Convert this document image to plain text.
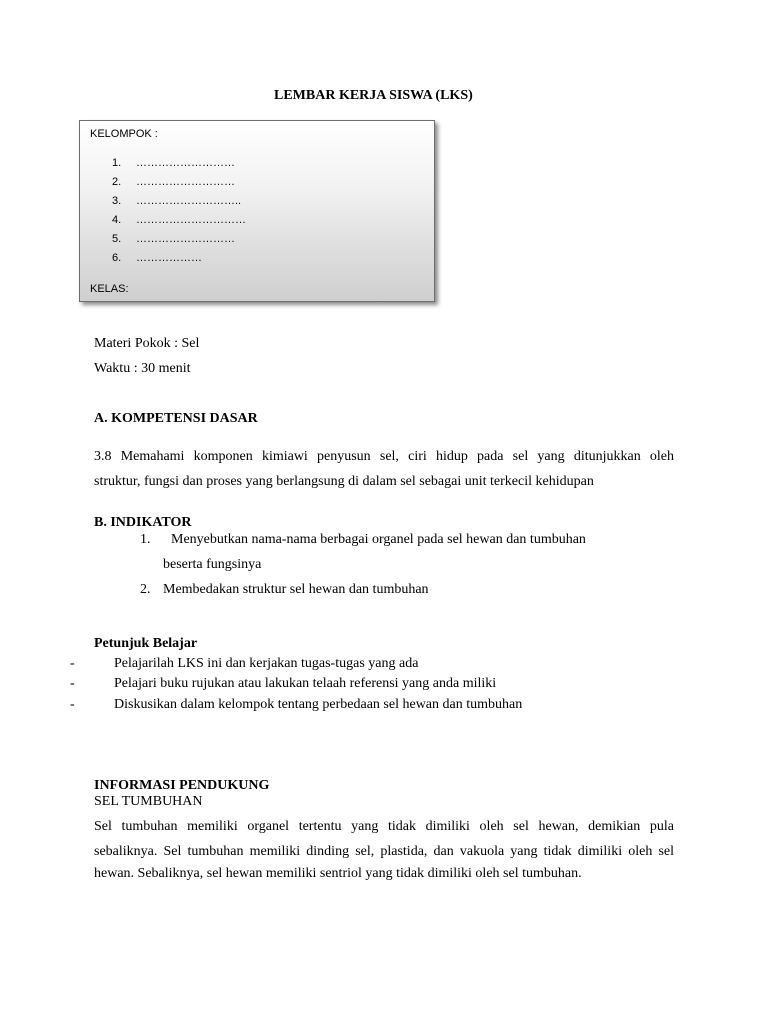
LEMBAR KERJA SISWA (LKS)
KELOMPOK :
1. ………………………
2. ………………………
3. ………………………..
4. …………………………
5. ………………………
6. ………………
KELAS:
Materi Pokok : Sel
Waktu : 30 menit
A. KOMPETENSI DASAR
3.8 Memahami komponen kimiawi penyusun sel, ciri hidup pada sel yang ditunjukkan oleh
struktur, fungsi dan proses yang berlangsung di dalam sel sebagai unit terkecil kehidupan
B. INDIKATOR
1. Menyebutkan nama-nama berbagai organel pada sel hewan dan tumbuhan
beserta fungsinya
2. Membedakan struktur sel hewan dan tumbuhan
Petunjuk Belajar
-	Pelajarilah LKS ini dan kerjakan tugas-tugas yang ada
-	Pelajari buku rujukan atau lakukan telaah referensi yang anda miliki
-	Diskusikan dalam kelompok tentang perbedaan sel hewan dan tumbuhan
INFORMASI PENDUKUNG
SEL TUMBUHAN
Sel tumbuhan memiliki organel tertentu yang tidak dimiliki oleh sel hewan, demikian pula
sebaliknya. Sel tumbuhan memiliki dinding sel, plastida, dan vakuola yang tidak dimiliki oleh sel
hewan. Sebaliknya, sel hewan memiliki sentriol yang tidak dimiliki oleh sel tumbuhan.
